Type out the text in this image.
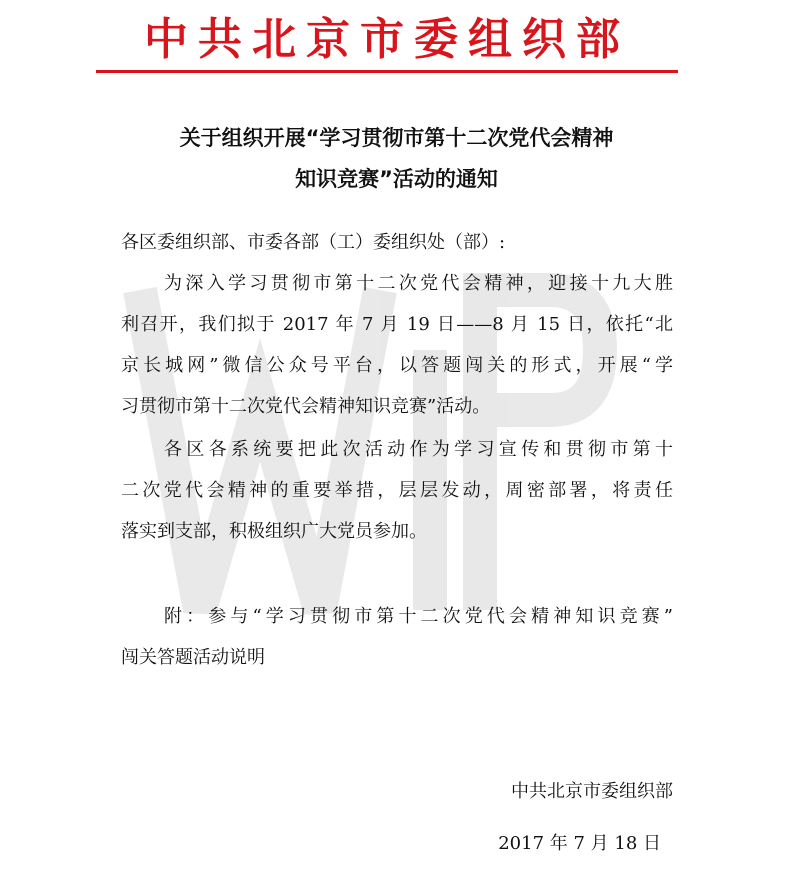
WIPS
中共北京市委组织部
关于组织开展“学习贯彻市第十二次党代会精神
知识竞赛”活动的通知
各区委组织部、市委各部（工）委组织处（部）:
为深入学习贯彻市第十二次党代会精神，迎接十九大胜
利召开，我们拟于 2017 年 7 月 19 日——8 月 15 日，依托“北
京长城网”微信公众号平台，以答题闯关的形式，开展“学
习贯彻市第十二次党代会精神知识竞赛”活动。
各区各系统要把此次活动作为学习宣传和贯彻市第十
二次党代会精神的重要举措，层层发动，周密部署，将责任
落实到支部，积极组织广大党员参加。
附：参与“学习贯彻市第十二次党代会精神知识竞赛”
闯关答题活动说明
中共北京市委组织部
2017 年 7 月 18 日
